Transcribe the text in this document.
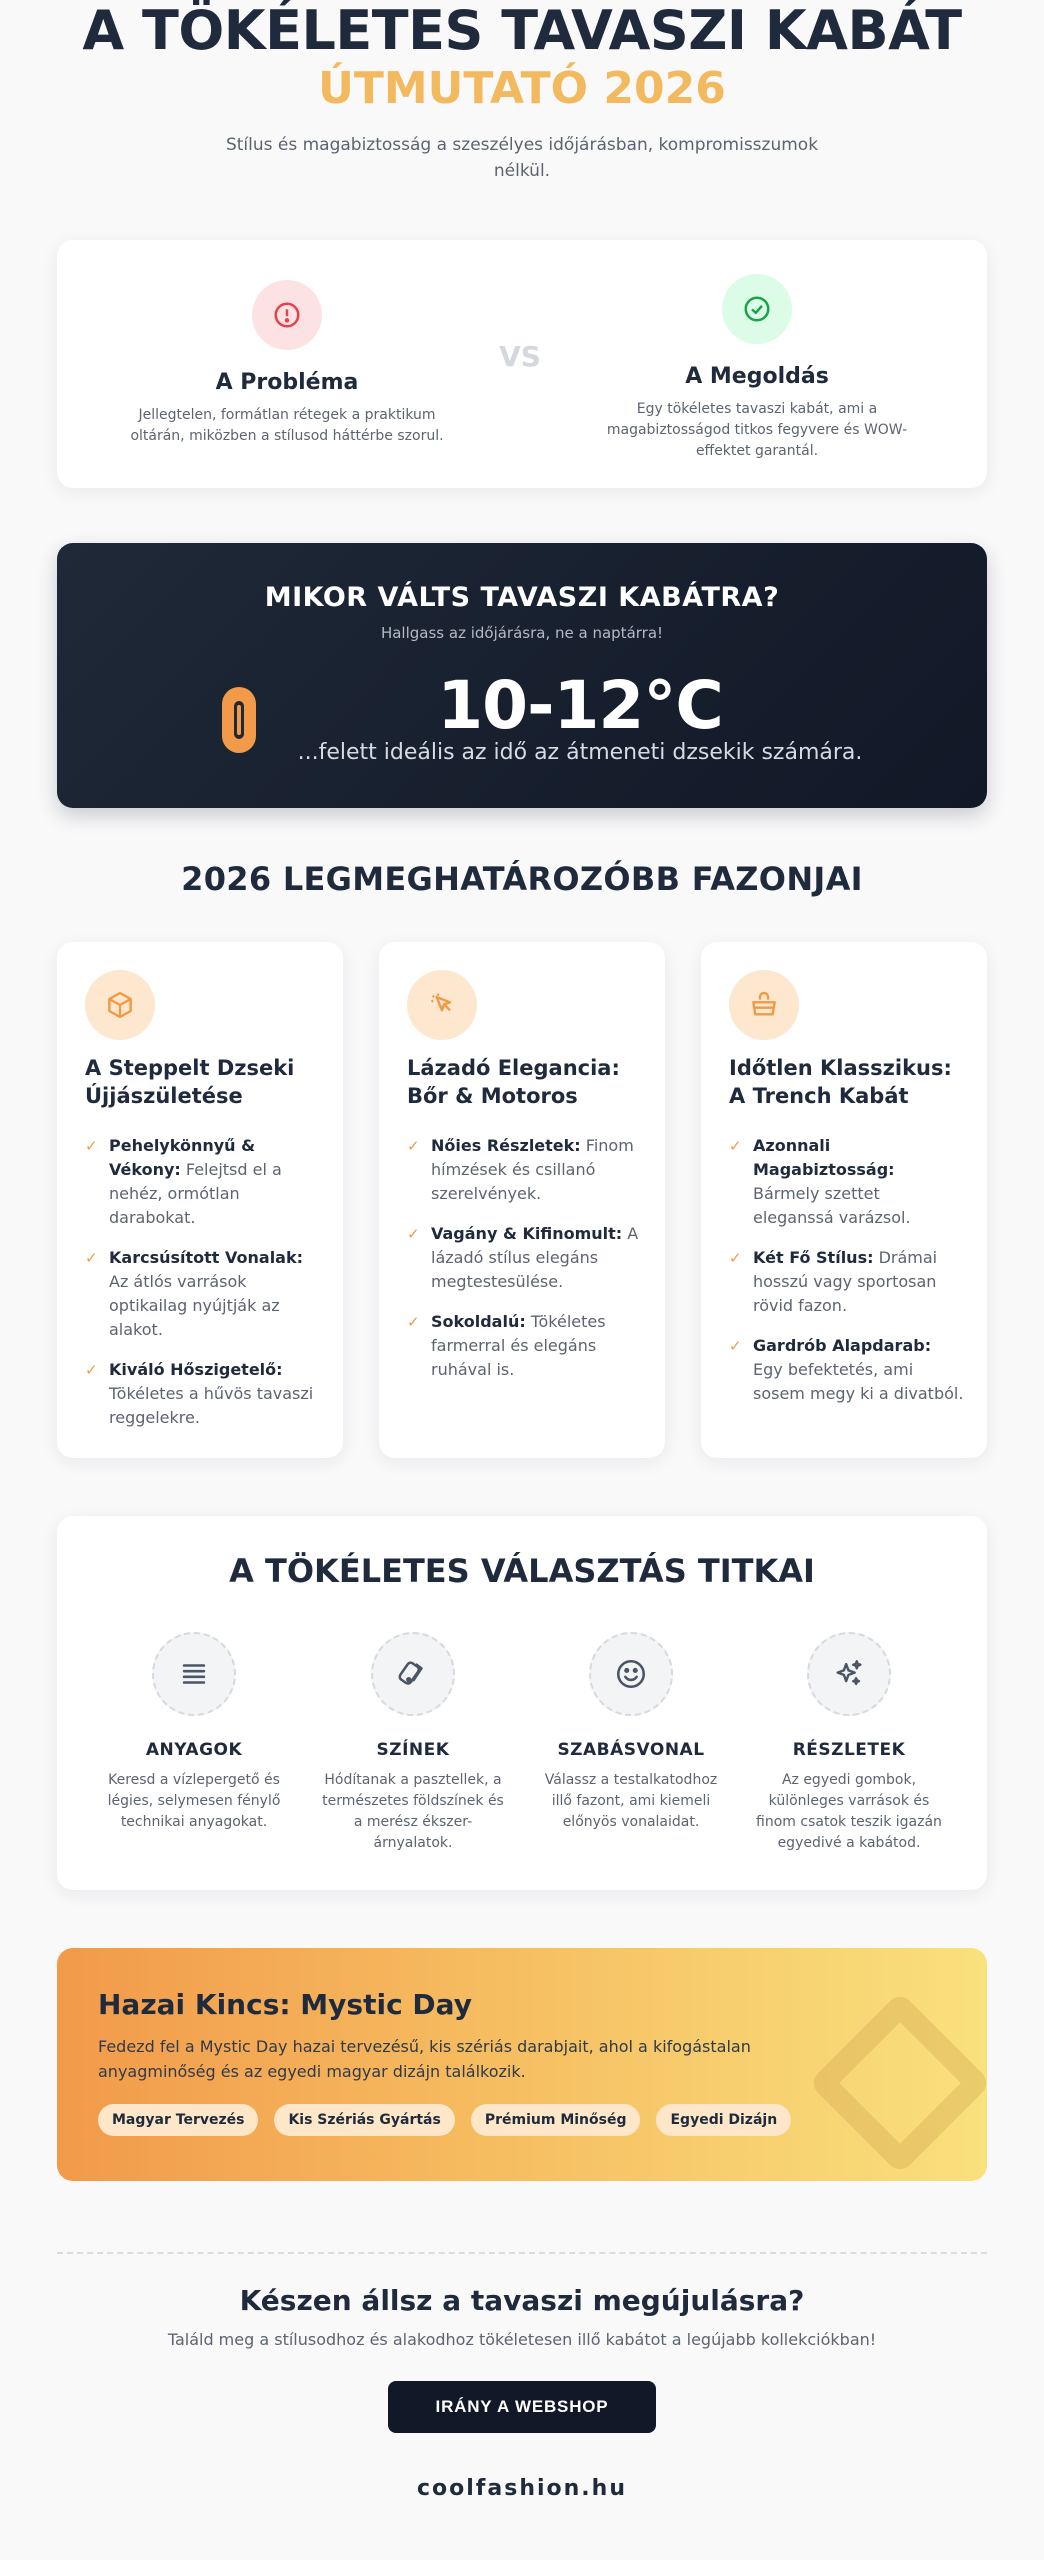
A TÖKÉLETES TAVASZI KABÁT
ÚTMUTATÓ 2026
Stílus és magabiztosság a szeszélyes időjárásban, kompromisszumok nélkül.
A Probléma
Jellegtelen, formátlan rétegek a praktikum oltárán, miközben a stílusod háttérbe szorul.
A Megoldás
Egy tökéletes tavaszi kabát, ami a magabiztosságod titkos fegyvere és WOW-effektet garantál.
VS
MIKOR VÁLTS TAVASZI KABÁTRA?
Hallgass az időjárásra, ne a naptárra!
10-12°C
...felett ideális az idő az átmeneti dzsekik számára.
2026 LEGMEGHATÁROZÓBB FAZONJAI
A Steppelt Dzseki Újjászületése
✓ Pehelykönnyű & Vékony: Felejtsd el a nehéz, ormótlan darabokat.
✓ Karcsúsított Vonalak: Az átlós varrások optikailag nyújtják az alakot.
✓ Kiváló Hőszigetelő: Tökéletes a hűvös tavaszi reggelekre.
Lázadó Elegancia: Bőr & Motoros
✓ Nőies Részletek: Finom hímzések és csillanó szerelvények.
✓ Vagány & Kifinomult: A lázadó stílus elegáns megtestesülése.
✓ Sokoldalú: Tökéletes farmerral és elegáns ruhával is.
Időtlen Klasszikus: A Trench Kabát
✓ Azonnali Magabiztosság: Bármely szettet eleganssá varázsol.
✓ Két Fő Stílus: Drámai hosszú vagy sportosan rövid fazon.
✓ Gardrób Alapdarab: Egy befektetés, ami sosem megy ki a divatból.
A TÖKÉLETES VÁLASZTÁS TITKAI
ANYAGOK
Keresd a vízlepergető és légies, selymesen fénylő technikai anyagokat.
SZÍNEK
Hódítanak a pasztellek, a természetes földszínek és a merész ékszer-árnyalatok.
SZABÁSVONAL
Válassz a testalkatodhoz illő fazont, ami kiemeli előnyös vonalaidat.
RÉSZLETEK
Az egyedi gombok, különleges varrások és finom csatok teszik igazán egyedivé a kabátod.
Hazai Kincs: Mystic Day
Fedezd fel a Mystic Day hazai tervezésű, kis szériás darabjait, ahol a kifogástalan anyagminőség és az egyedi magyar dizájn találkozik.
Magyar Tervezés	Kis Szériás Gyártás	Prémium Minőség	Egyedi Dizájn
Készen állsz a tavaszi megújulásra?
Találd meg a stílusodhoz és alakodhoz tökéletesen illő kabátot a legújabb kollekciókban!
IRÁNY A WEBSHOP
coolfashion.hu
